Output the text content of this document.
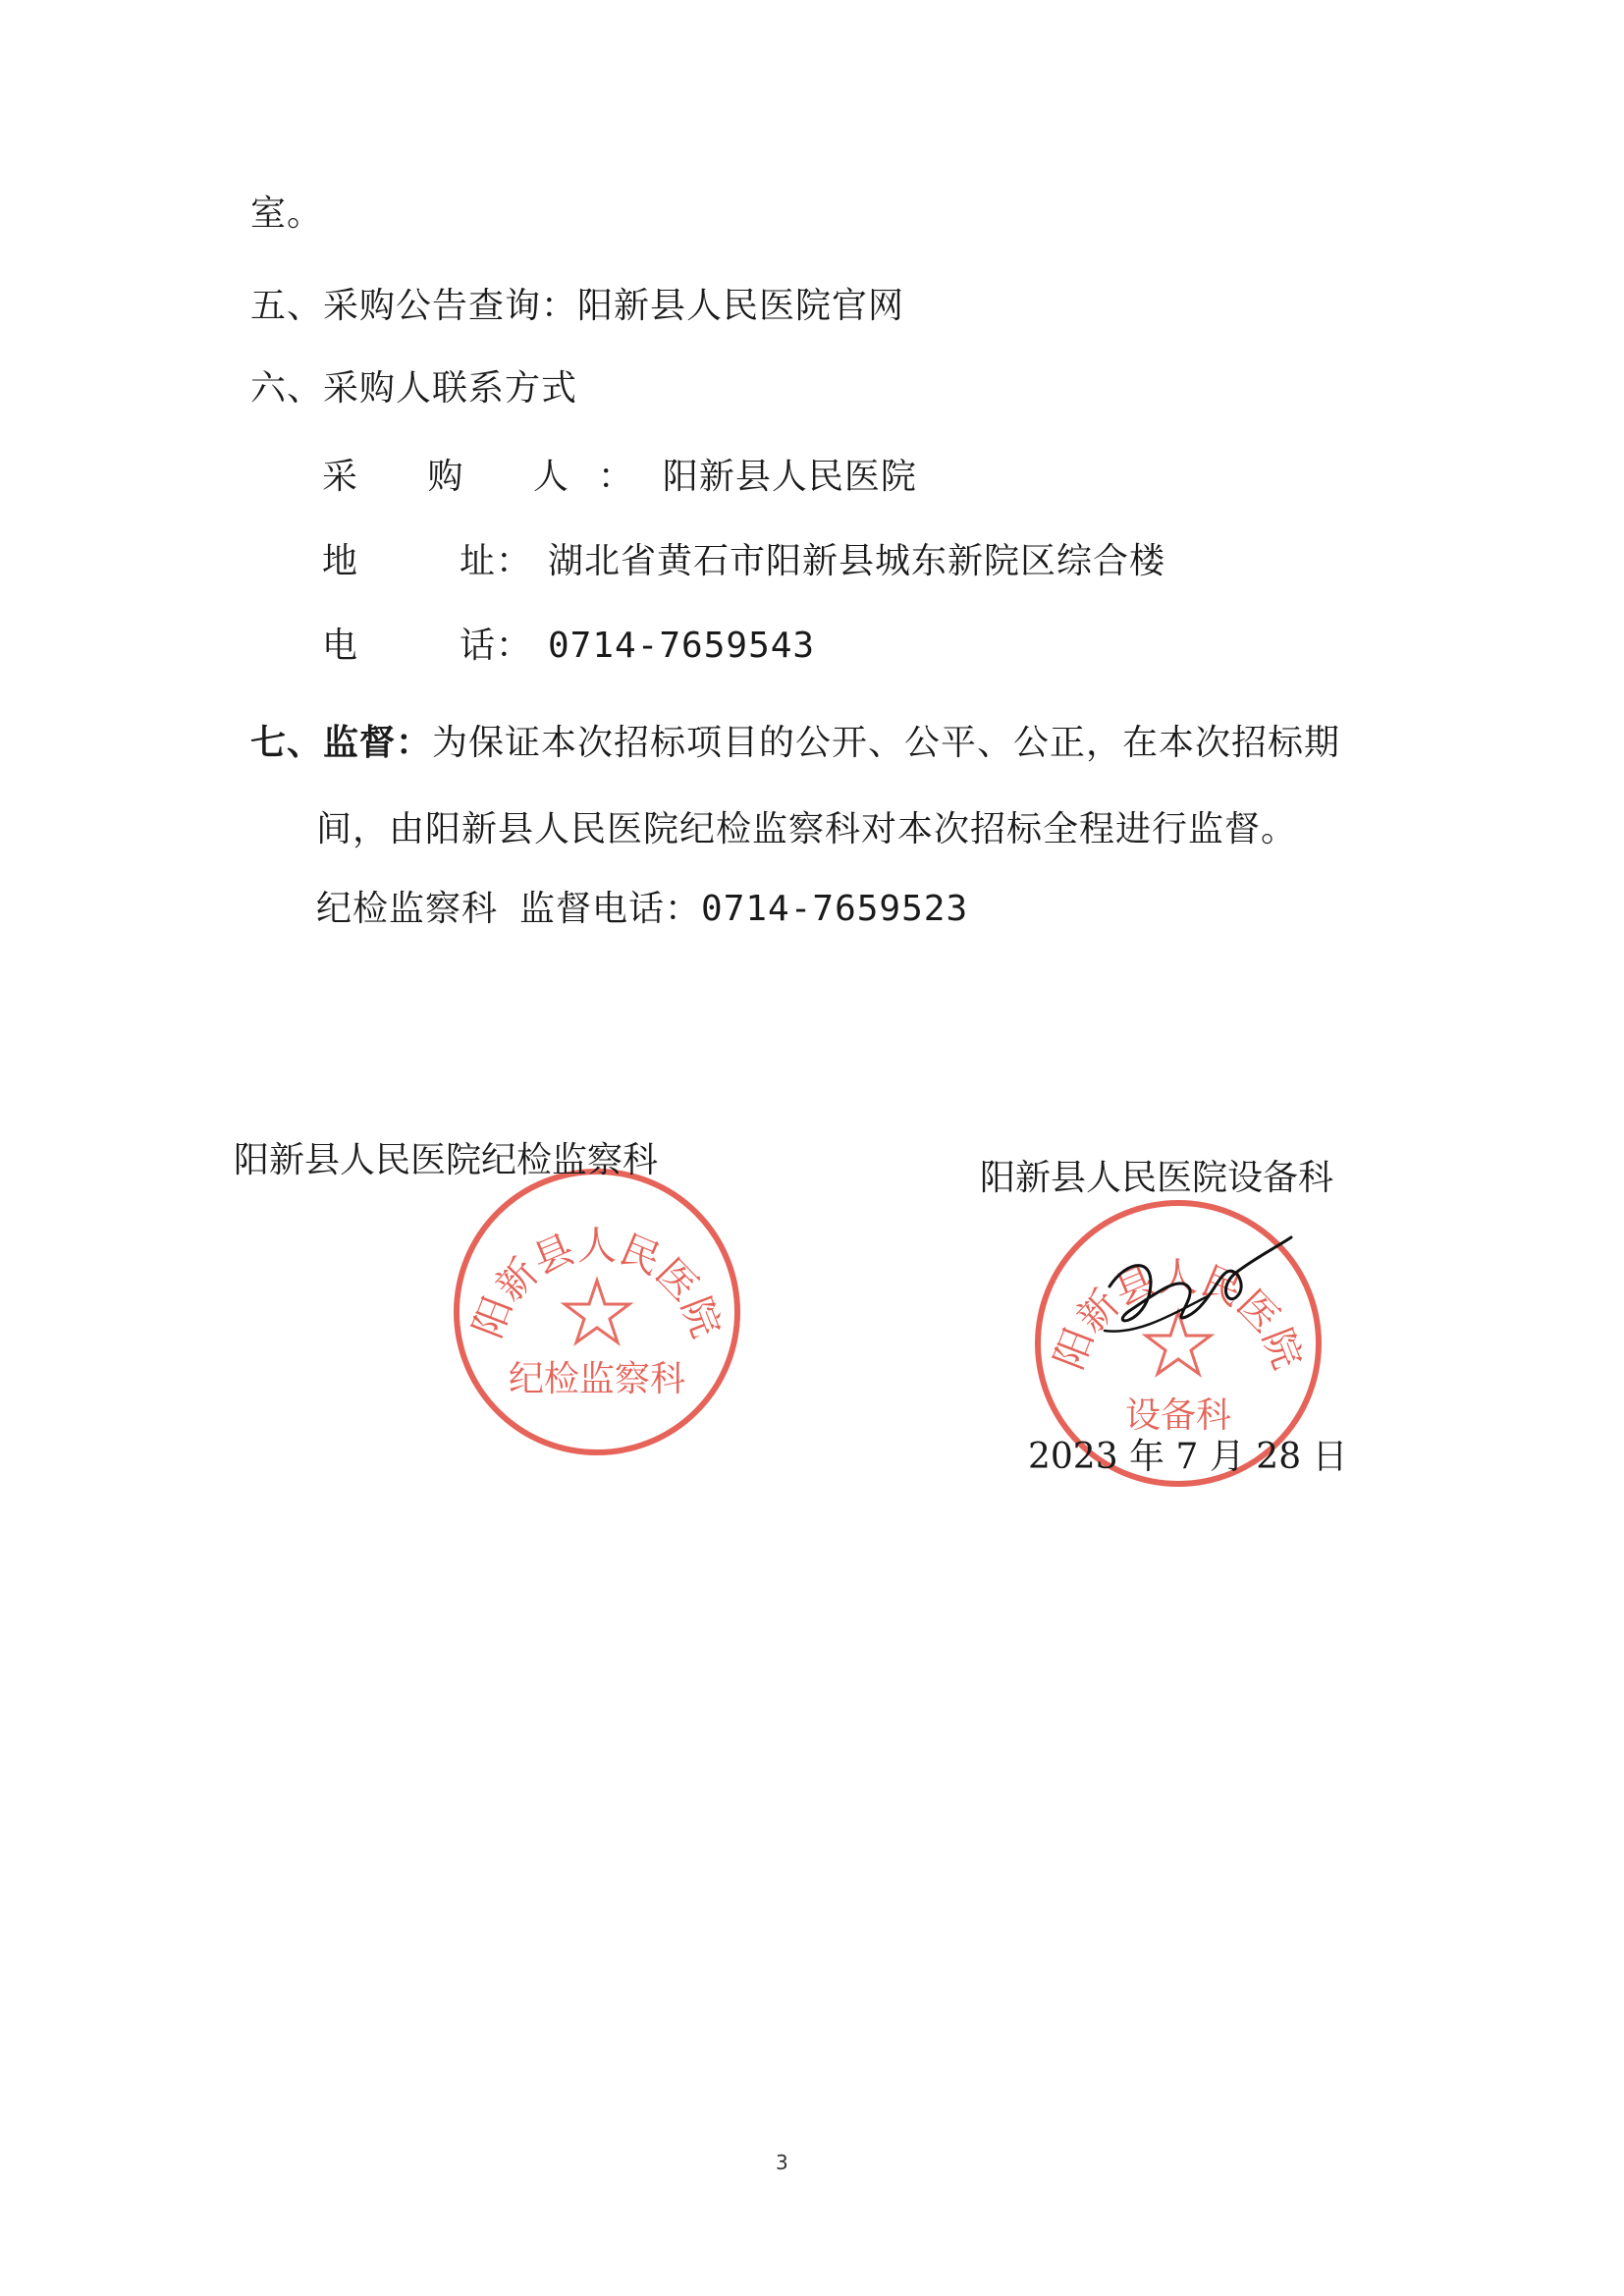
室。
五、采购公告查询：阳新县人民医院官网
六、采购人联系方式
采 购 人：阳新县人民医院
地	址： 湖北省黄石市阳新县城东新院区综合楼
电	话： 0714-7659543
七、监督：为保证本次招标项目的公开、公平、公正，在本次招标期
间，由阳新县人民医院纪检监察科对本次招标全程进行监督。
纪检监察科 监督电话：0714-7659523
阳新县人民医院
纪检监察科
阳新县人民医院
设备科
阳新县人民医院纪检监察科	阳新县人民医院设备科
2023 年 7 月 28 日
3
